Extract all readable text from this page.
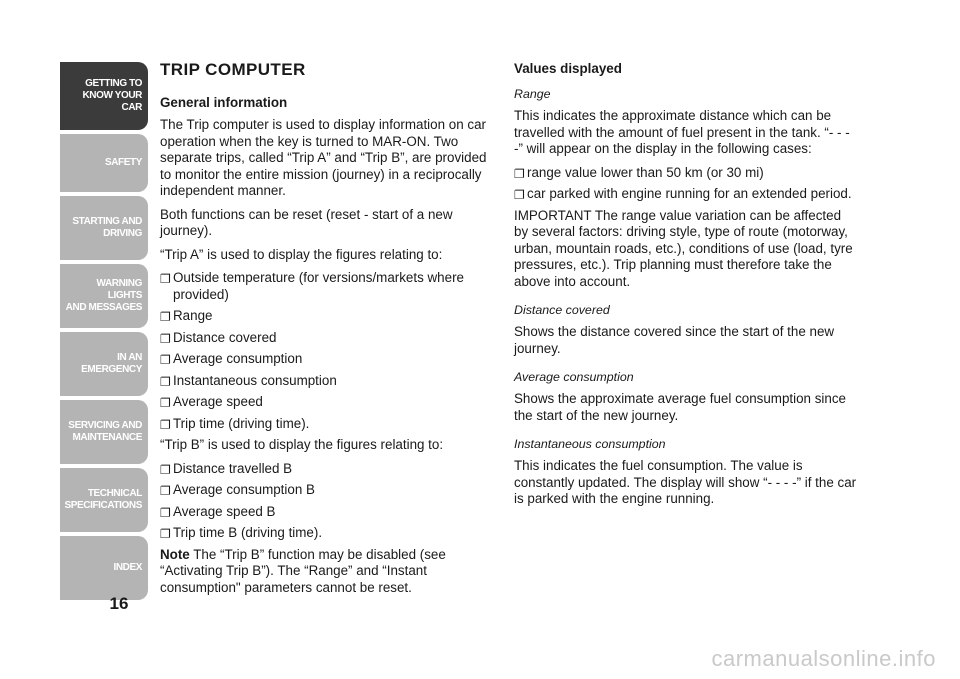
GETTING TO
KNOW YOUR CAR
SAFETY
STARTING AND
DRIVING
WARNING LIGHTS
AND MESSAGES
IN AN EMERGENCY
SERVICING AND
MAINTENANCE
TECHNICAL
SPECIFICATIONS
INDEX
16
TRIP COMPUTER
General information

The Trip computer is used to display information on car operation when the key is turned to MAR-ON. Two separate trips, called “Trip A” and “Trip B”, are provided to monitor the entire mission (journey) in a reciprocally independent manner.

Both functions can be reset (reset - start of a new journey).

“Trip A” is used to display the figures relating to:

❐ Outside temperature (for versions/markets where provided)
❐ Range
❐ Distance covered
❐ Average consumption
❐ Instantaneous consumption
❐ Average speed
❐ Trip time (driving time).

“Trip B” is used to display the figures relating to:

❐ Distance travelled B
❐ Average consumption B
❐ Average speed B
❐ Trip time B (driving time).

Note The “Trip B” function may be disabled (see “Activating Trip B”). The “Range” and “Instant consumption" parameters cannot be reset.

Values displayed
Range

This indicates the approximate distance which can be travelled with the amount of fuel present in the tank. “- - - -” will appear on the display in the following cases:

❐ range value lower than 50 km (or 30 mi)
❐ car parked with engine running for an extended period.

IMPORTANT The range value variation can be affected by several factors: driving style, type of route (motorway, urban, mountain roads, etc.), conditions of use (load, tyre pressures, etc.). Trip planning must therefore take the above into account.

Distance covered

Shows the distance covered since the start of the new journey.

Average consumption

Shows the approximate average fuel consumption since the start of the new journey.

Instantaneous consumption

This indicates the fuel consumption. The value is constantly updated. The display will show “- - - -” if the car is parked with the engine running.

carmanualsonline.info
